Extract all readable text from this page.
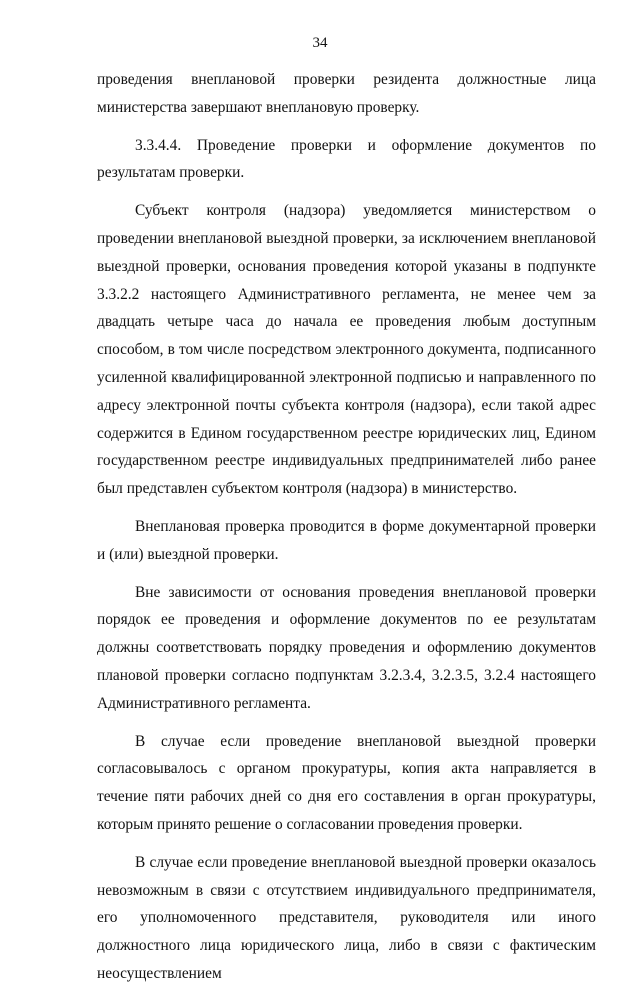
34

проведения внеплановой проверки резидента должностные лица министерства завершают внеплановую проверку.

3.3.4.4. Проведение проверки и оформление документов по результатам проверки.

Субъект контроля (надзора) уведомляется министерством о проведении внеплановой выездной проверки, за исключением внеплановой выездной проверки, основания проведения которой указаны в подпункте 3.3.2.2 настоящего Административного регламента, не менее чем за двадцать четыре часа до начала ее проведения любым доступным способом, в том числе посредством электронного документа, подписанного усиленной квалифицированной электронной подписью и направленного по адресу электронной почты субъекта контроля (надзора), если такой адрес содержится в Едином государственном реестре юридических лиц, Едином государственном реестре индивидуальных предпринимателей либо ранее был представлен субъектом контроля (надзора) в министерство.

Внеплановая проверка проводится в форме документарной проверки и (или) выездной проверки.

Вне зависимости от основания проведения внеплановой проверки порядок ее проведения и оформление документов по ее результатам должны соответствовать порядку проведения и оформлению документов плановой проверки согласно подпунктам 3.2.3.4, 3.2.3.5, 3.2.4 настоящего Административного регламента.

В случае если проведение внеплановой выездной проверки согласовывалось с органом прокуратуры, копия акта направляется в течение пяти рабочих дней со дня его составления в орган прокуратуры, которым принято решение о согласовании проведения проверки.

В случае если проведение внеплановой выездной проверки оказалось невозможным в связи с отсутствием индивидуального предпринимателя, его уполномоченного представителя, руководителя или иного должностного лица юридического лица, либо в связи с фактическим неосуществлением
